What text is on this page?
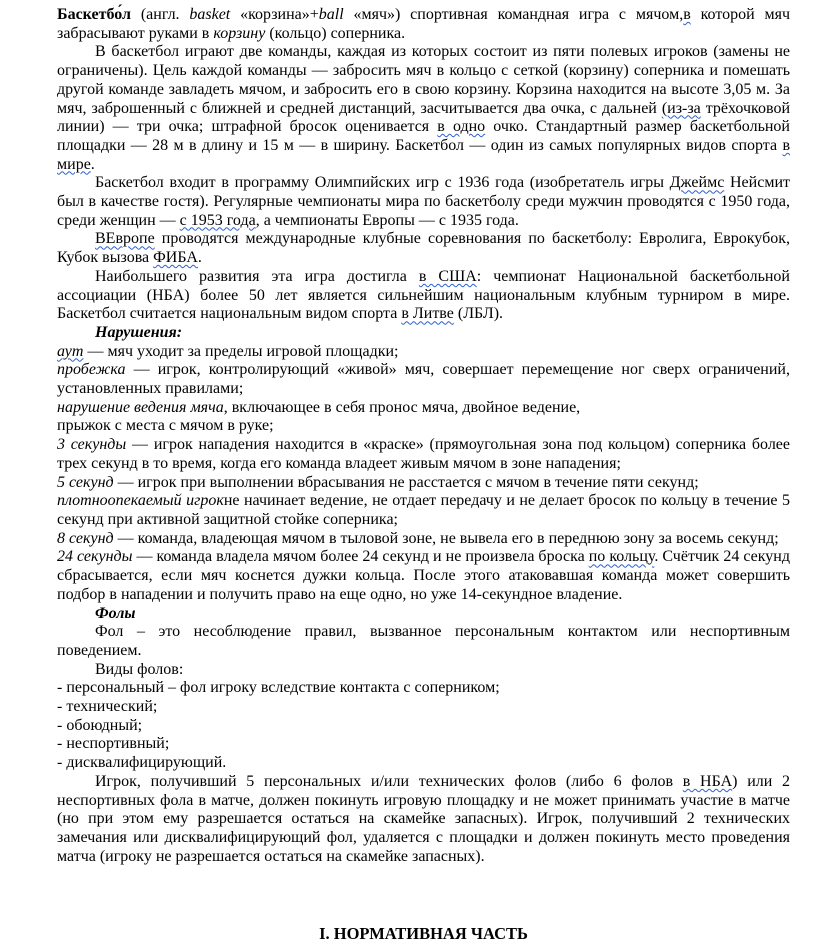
Баскетбо́л (англ. basket «корзина»+ball «мяч») спортивная командная игра с мячом,в которой мяч забрасывают руками в корзину (кольцо) соперника.

В баскетбол играют две команды, каждая из которых состоит из пяти полевых игроков (замены не ограничены). Цель каждой команды — забросить мяч в кольцо с сеткой (корзину) соперника и помешать другой команде завладеть мячом, и забросить его в свою корзину. Корзина находится на высоте 3,05 м. За мяч, заброшенный с ближней и средней дистанций, засчитывается два очка, с дальней (из-за трёхочковой линии) — три очка; штрафной бросок оценивается в одно очко. Стандартный размер баскетбольной площадки — 28 м в длину и 15 м — в ширину. Баскетбол — один из самых популярных видов спорта в мире.

Баскетбол входит в программу Олимпийских игр с 1936 года (изобретатель игры Джеймс Нейсмит был в качестве гостя). Регулярные чемпионаты мира по баскетболу среди мужчин проводятся с 1950 года, среди женщин — с 1953 года, а чемпионаты Европы — с 1935 года.

ВЕвропе проводятся международные клубные соревнования по баскетболу: Евролига, Еврокубок, Кубок вызова ФИБА.

Наибольшего развития эта игра достигла в США: чемпионат Национальной баскетбольной ассоциации (НБА) более 50 лет является сильнейшим национальным клубным турниром в мире. Баскетбол считается национальным видом спорта в Литве (ЛБЛ).

Нарушения:

аут — мяч уходит за пределы игровой площадки;

пробежка — игрок, контролирующий «живой» мяч, совершает перемещение ног сверх ограничений, установленных правилами;

нарушение ведения мяча, включающее в себя пронос мяча, двойное ведение,

прыжок с места с мячом в руке;

3 секунды — игрок нападения находится в «краске» (прямоугольная зона под кольцом) соперника более трех секунд в то время, когда его команда владеет живым мячом в зоне нападения;

5 секунд — игрок при выполнении вбрасывания не расстается с мячом в течение пяти секунд;

плотноопекаемый игрокне начинает ведение, не отдает передачу и не делает бросок по кольцу в течение 5 секунд при активной защитной стойке соперника;

8 секунд — команда, владеющая мячом в тыловой зоне, не вывела его в переднюю зону за восемь секунд;

24 секунды — команда владела мячом более 24 секунд и не произвела броска по кольцу. Счётчик 24 секунд сбрасывается, если мяч коснется дужки кольца. После этого атаковавшая команда может совершить подбор в нападении и получить право на еще одно, но уже 14-секундное владение.

Фолы

Фол – это несоблюдение правил, вызванное персональным контактом или неспортивным поведением.

Виды фолов:

- персональный – фол игроку вследствие контакта с соперником;

- технический;

- обоюдный;

- неспортивный;

- дисквалифицирующий.

Игрок, получивший 5 персональных и/или технических фолов (либо 6 фолов в НБА) или 2 неспортивных фола в матче, должен покинуть игровую площадку и не может принимать участие в матче (но при этом ему разрешается остаться на скамейке запасных). Игрок, получивший 2 технических замечания или дисквалифицирующий фол, удаляется с площадки и должен покинуть место проведения матча (игроку не разрешается остаться на скамейке запасных).

I. НОРМАТИВНАЯ ЧАСТЬ
